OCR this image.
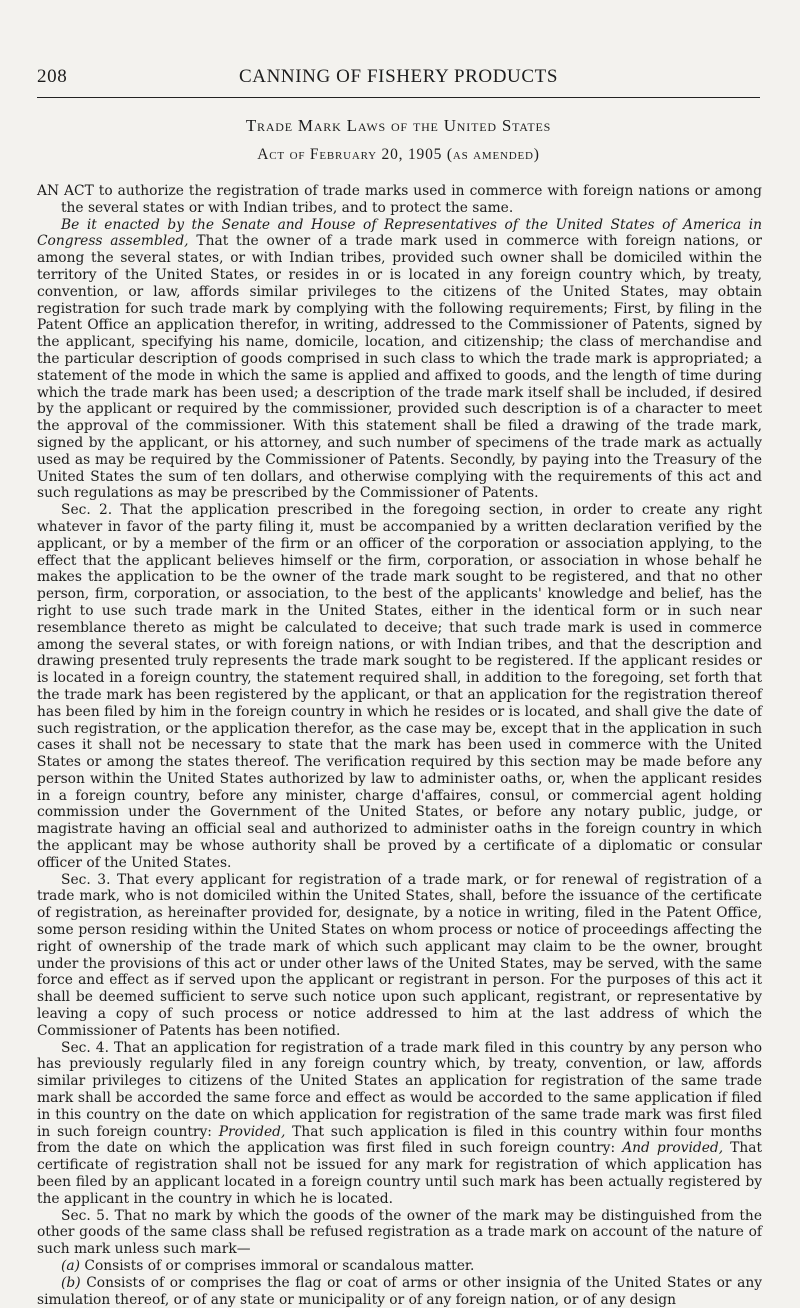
208	CANNING OF FISHERY PRODUCTS
Trade Mark Laws of the United States
Act of February 20, 1905 (as amended)

AN ACT to authorize the registration of trade marks used in commerce with foreign nations or among the several states or with Indian tribes, and to protect the same.

Be it enacted by the Senate and House of Representatives of the United States of America in Congress assembled, That the owner of a trade mark used in commerce with foreign nations, or among the several states, or with Indian tribes, provided such owner shall be domiciled within the territory of the United States, or resides in or is located in any foreign country which, by treaty, convention, or law, affords similar privileges to the citizens of the United States, may obtain registration for such trade mark by complying with the following requirements; First, by filing in the Patent Office an application therefor, in writing, addressed to the Commissioner of Patents, signed by the applicant, specifying his name, domicile, location, and citizenship; the class of merchandise and the particular description of goods comprised in such class to which the trade mark is appropriated; a statement of the mode in which the same is applied and affixed to goods, and the length of time during which the trade mark has been used; a description of the trade mark itself shall be included, if desired by the applicant or required by the commissioner, provided such description is of a character to meet the approval of the commissioner. With this statement shall be filed a drawing of the trade mark, signed by the applicant, or his attorney, and such number of specimens of the trade mark as actually used as may be required by the Commissioner of Patents. Secondly, by paying into the Treasury of the United States the sum of ten dollars, and otherwise complying with the requirements of this act and such regulations as may be prescribed by the Commissioner of Patents.

Sec. 2. That the application prescribed in the foregoing section, in order to create any right whatever in favor of the party filing it, must be accompanied by a written declaration verified by the applicant, or by a member of the firm or an officer of the corporation or association applying, to the effect that the applicant believes himself or the firm, corporation, or association in whose behalf he makes the application to be the owner of the trade mark sought to be registered, and that no other person, firm, corporation, or association, to the best of the applicants' knowledge and belief, has the right to use such trade mark in the United States, either in the identical form or in such near resemblance thereto as might be calculated to deceive; that such trade mark is used in commerce among the several states, or with foreign nations, or with Indian tribes, and that the description and drawing presented truly represents the trade mark sought to be registered. If the applicant resides or is located in a foreign country, the statement required shall, in addition to the foregoing, set forth that the trade mark has been registered by the applicant, or that an application for the registration thereof has been filed by him in the foreign country in which he resides or is located, and shall give the date of such registration, or the application therefor, as the case may be, except that in the application in such cases it shall not be necessary to state that the mark has been used in commerce with the United States or among the states thereof. The verification required by this section may be made before any person within the United States authorized by law to administer oaths, or, when the applicant resides in a foreign country, before any minister, charge d'affaires, consul, or commercial agent holding commission under the Government of the United States, or before any notary public, judge, or magistrate having an official seal and authorized to administer oaths in the foreign country in which the applicant may be whose authority shall be proved by a certificate of a diplomatic or consular officer of the United States.

Sec. 3. That every applicant for registration of a trade mark, or for renewal of registration of a trade mark, who is not domiciled within the United States, shall, before the issuance of the certificate of registration, as hereinafter provided for, designate, by a notice in writing, filed in the Patent Office, some person residing within the United States on whom process or notice of proceedings affecting the right of ownership of the trade mark of which such applicant may claim to be the owner, brought under the provisions of this act or under other laws of the United States, may be served, with the same force and effect as if served upon the applicant or registrant in person. For the purposes of this act it shall be deemed sufficient to serve such notice upon such applicant, registrant, or representative by leaving a copy of such process or notice addressed to him at the last address of which the Commissioner of Patents has been notified.

Sec. 4. That an application for registration of a trade mark filed in this country by any person who has previously regularly filed in any foreign country which, by treaty, convention, or law, affords similar privileges to citizens of the United States an application for registration of the same trade mark shall be accorded the same force and effect as would be accorded to the same application if filed in this country on the date on which application for registration of the same trade mark was first filed in such foreign country: Provided, That such application is filed in this country within four months from the date on which the application was first filed in such foreign country: And provided, That certificate of registration shall not be issued for any mark for registration of which application has been filed by an applicant located in a foreign country until such mark has been actually registered by the applicant in the country in which he is located.

Sec. 5. That no mark by which the goods of the owner of the mark may be distinguished from the other goods of the same class shall be refused registration as a trade mark on account of the nature of such mark unless such mark—

(a) Consists of or comprises immoral or scandalous matter.

(b) Consists of or comprises the flag or coat of arms or other insignia of the United States or any simulation thereof, or of any state or municipality or of any foreign nation, or of any design
